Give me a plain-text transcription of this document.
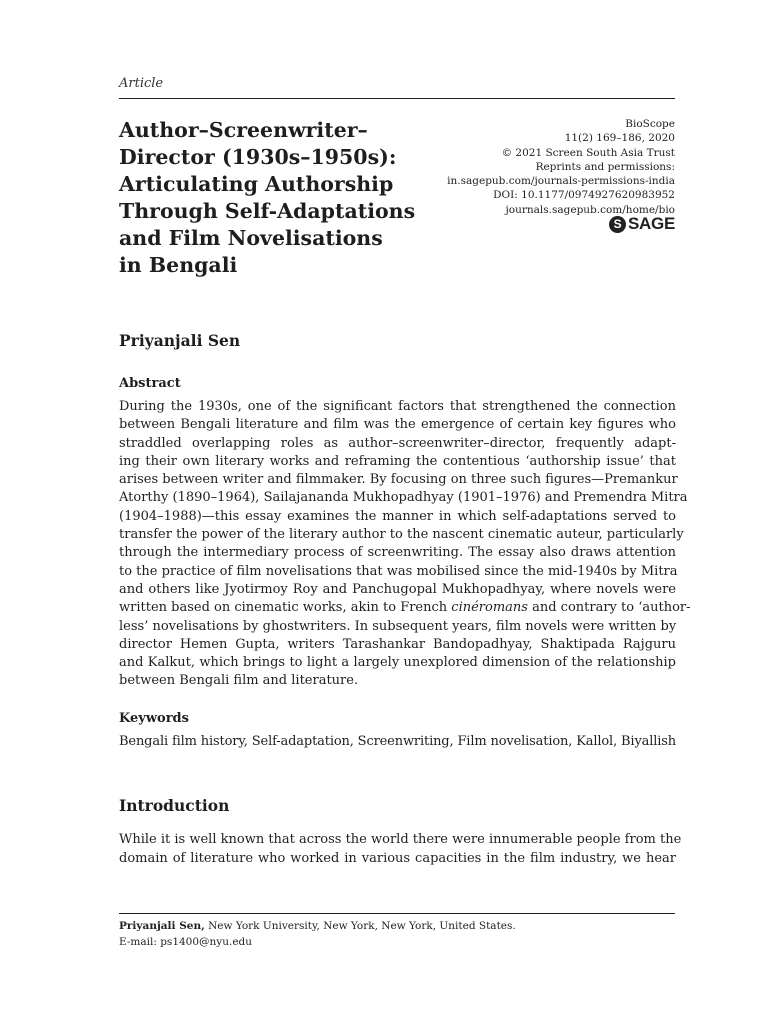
Article
Author–Screenwriter–
Director (1930s–1950s):
Articulating Authorship
Through Self-Adaptations
and Film Novelisations
in Bengali
BioScope
11(2) 169–186, 2020
© 2021 Screen South Asia Trust
Reprints and permissions:
in.sagepub.com/journals-permissions-india
DOI: 10.1177/0974927620983952
journals.sagepub.com/home/bio
S SAGE
Priyanjali Sen
Abstract
During the 1930s, one of the significant factors that strengthened the connection
between Bengali literature and film was the emergence of certain key figures who
straddled overlapping roles as author–screenwriter–director, frequently adapt-
ing their own literary works and reframing the contentious ‘authorship issue’ that
arises between writer and filmmaker. By focusing on three such figures—Premankur
Atorthy (1890–1964), Sailajananda Mukhopadhyay (1901–1976) and Premendra Mitra
(1904–1988)—this essay examines the manner in which self-adaptations served to
transfer the power of the literary author to the nascent cinematic auteur, particularly
through the intermediary process of screenwriting. The essay also draws attention
to the practice of film novelisations that was mobilised since the mid-1940s by Mitra
and others like Jyotirmoy Roy and Panchugopal Mukhopadhyay, where novels were
written based on cinematic works, akin to French cinéromans and contrary to ‘author-
less’ novelisations by ghostwriters. In subsequent years, film novels were written by
director Hemen Gupta, writers Tarashankar Bandopadhyay, Shaktipada Rajguru
and Kalkut, which brings to light a largely unexplored dimension of the relationship
between Bengali film and literature.
Keywords
Bengali film history, Self-adaptation, Screenwriting, Film novelisation, Kallol, Biyallish
Introduction
While it is well known that across the world there were innumerable people from the
domain of literature who worked in various capacities in the film industry, we hear
Priyanjali Sen, New York University, New York, New York, United States.
E-mail: ps1400@nyu.edu
